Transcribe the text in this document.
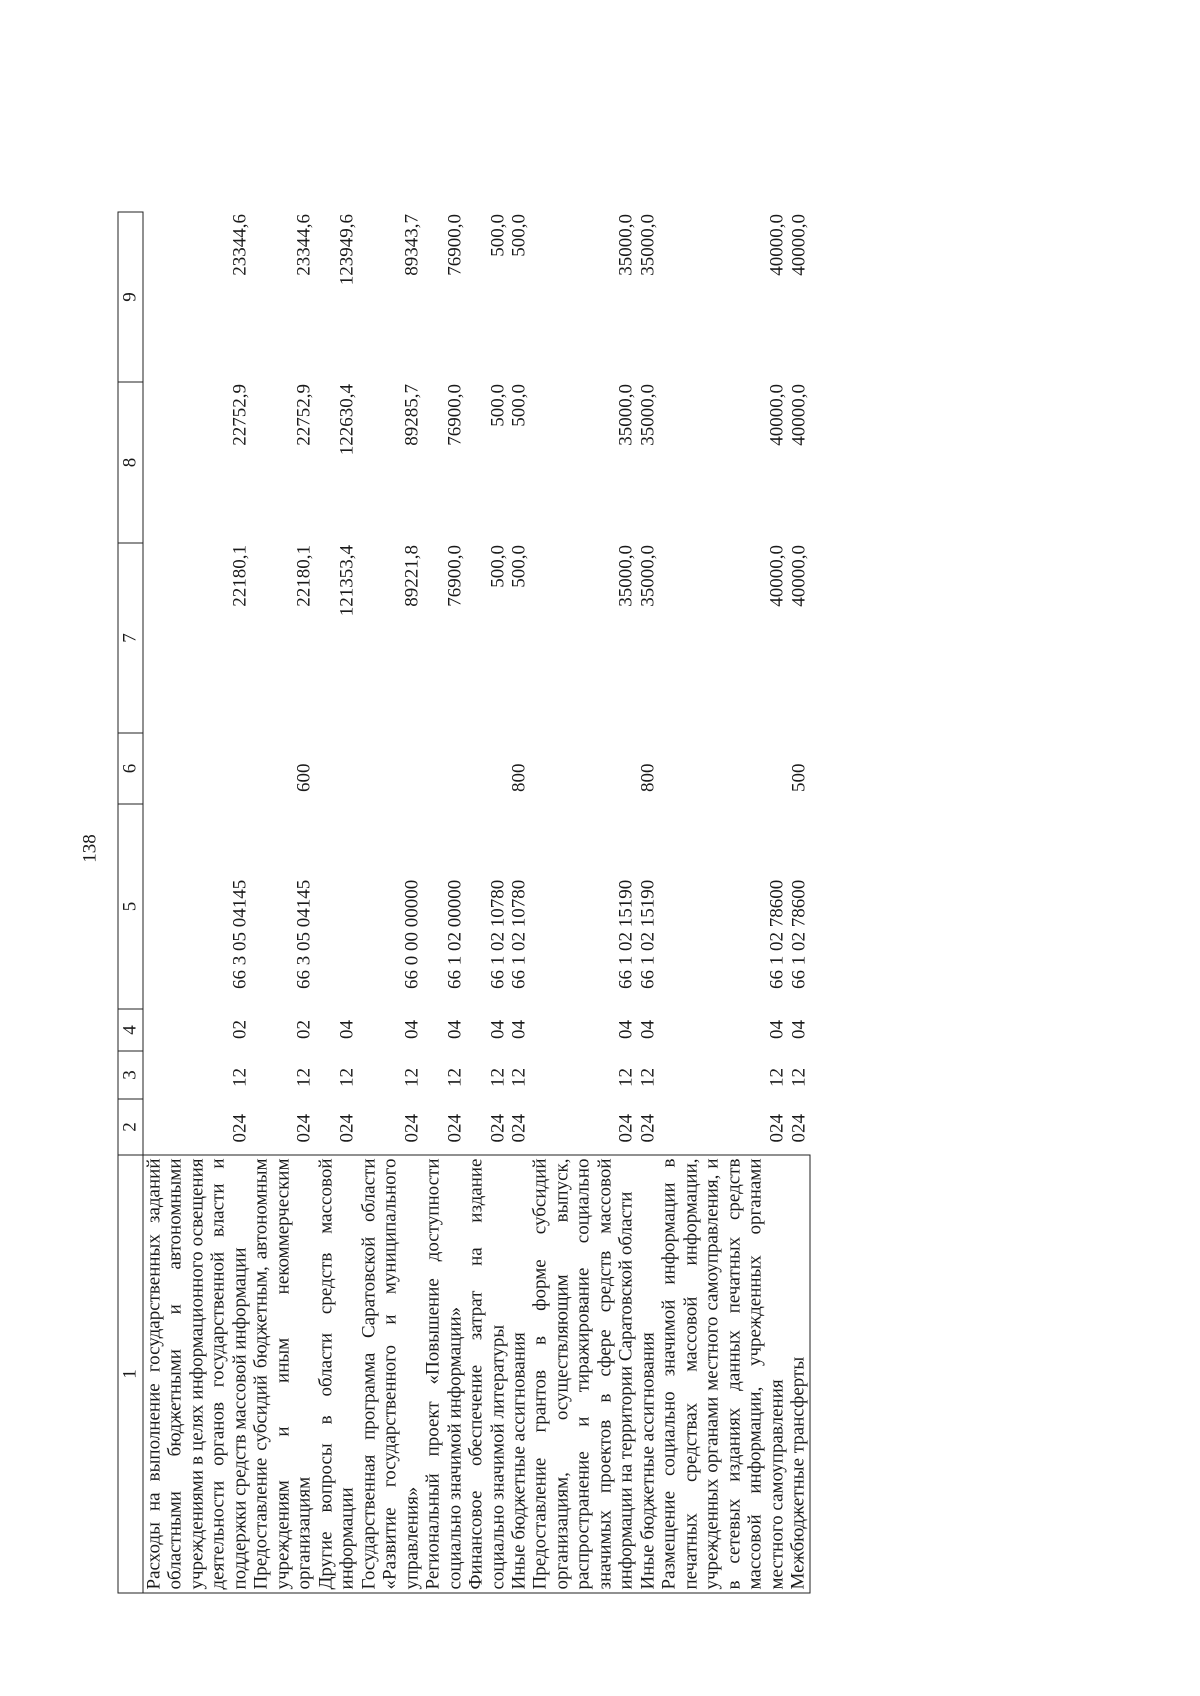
138
1	2	3	4	5	6	7	8	9
Расходы на выполнение государственных заданий областными бюджетными и автономными учреждениями в целях информационного освещения деятельности органов государственной власти и поддержки средств массовой информации	024	12	02	66 3 05 04145		22180,1	22752,9	23344,6
Предоставление субсидий бюджетным, автономным учреждениям и иным некоммерческим организациям	024	12	02	66 3 05 04145	600	22180,1	22752,9	23344,6
Другие вопросы в области средств массовой информации	024	12	04			121353,4	122630,4	123949,6
Государственная программа Саратовской области «Развитие государственного и муниципального управления»	024	12	04	66 0 00 00000		89221,8	89285,7	89343,7
Региональный проект «Повышение доступности социально значимой информации»	024	12	04	66 1 02 00000		76900,0	76900,0	76900,0
Финансовое обеспечение затрат на издание социально значимой литературы	024	12	04	66 1 02 10780		500,0	500,0	500,0
Иные бюджетные ассигнования	024	12	04	66 1 02 10780	800	500,0	500,0	500,0
Предоставление грантов в форме субсидий организациям, осуществляющим выпуск, распространение и тиражирование социально значимых проектов в сфере средств массовой информации на территории Саратовской области	024	12	04	66 1 02 15190		35000,0	35000,0	35000,0
Иные бюджетные ассигнования	024	12	04	66 1 02 15190	800	35000,0	35000,0	35000,0
Размещение социально значимой информации в печатных средствах массовой информации, учрежденных органами местного самоуправления, и в сетевых изданиях данных печатных средств массовой информации, учрежденных органами местного самоуправления	024	12	04	66 1 02 78600		40000,0	40000,0	40000,0
Межбюджетные трансферты	024	12	04	66 1 02 78600	500	40000,0	40000,0	40000,0
